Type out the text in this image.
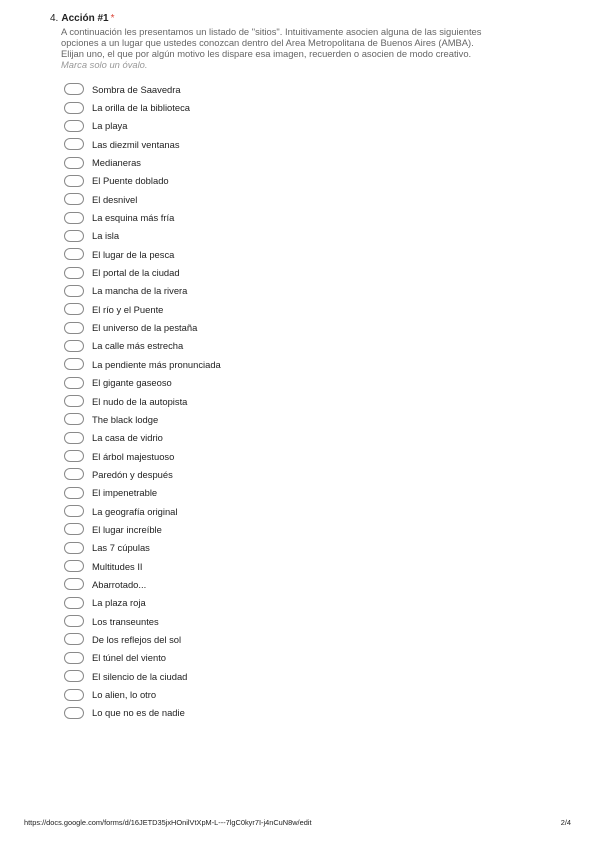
4. Acción #1 *
A continuación les presentamos un listado de "sitios". Intuitivamente asocien alguna de las siguientes
opciones a un lugar que ustedes conozcan dentro del Area Metropolitana de Buenos Aires (AMBA).
Elijan uno, el que por algún motivo les dispare esa imagen, recuerden o asocien de modo creativo.
Marca solo un óvalo.
Sombra de Saavedra
La orilla de la biblioteca
La playa
Las diezmil ventanas
Medianeras
El Puente doblado
El desnivel
La esquina más fría
La isla
El lugar de la pesca
El portal de la ciudad
La mancha de la rivera
El río y el Puente
El universo de la pestaña
La calle más estrecha
La pendiente más pronunciada
El gigante gaseoso
El nudo de la autopista
The black lodge
La casa de vidrio
El árbol majestuoso
Paredón y después
El impenetrable
La geografía original
El lugar increíble
Las 7 cúpulas
Multitudes II
Abarrotado...
La plaza roja
Los transeuntes
De los reflejos del sol
El túnel del viento
El silencio de la ciudad
Lo alien, lo otro
Lo que no es de nadie
https://docs.google.com/forms/d/16JETD35jxHOnilVtXpM-L---7lgC0kyr7I-j4nCuN8w/edit	2/4
